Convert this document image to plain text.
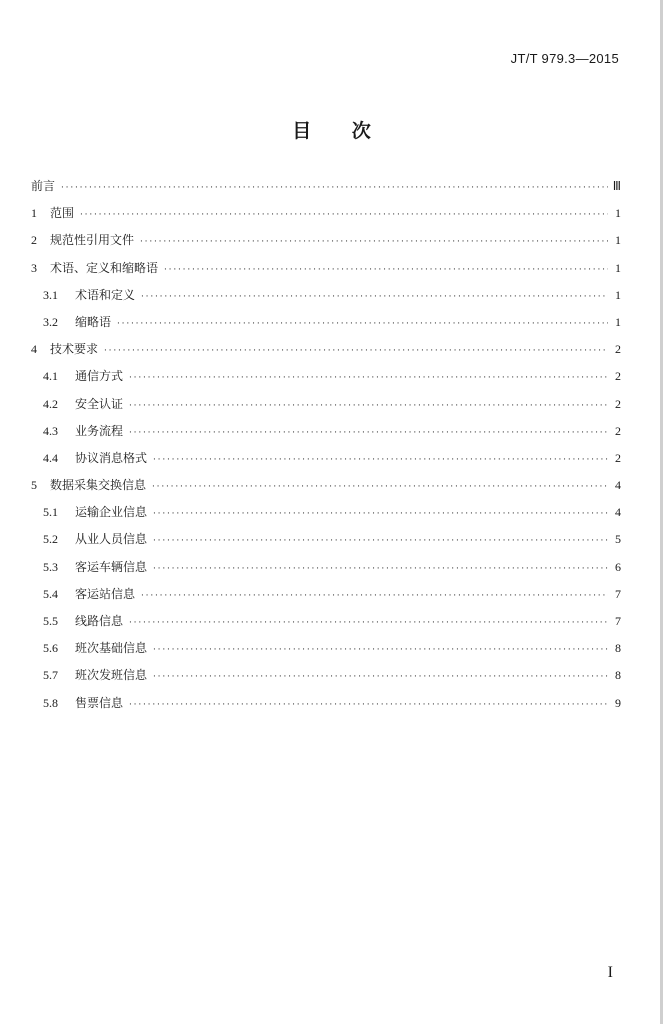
JT/T 979.3—2015
目 次
前言 ·····	Ⅲ
1	范围 ·····	1
2	规范性引用文件 ·····	1
3	术语、定义和缩略语 ·····	1
3.1	术语和定义 ·····	1
3.2	缩略语 ·····	1
4	技术要求 ·····	2
4.1	通信方式 ·····	2
4.2	安全认证 ·····	2
4.3	业务流程 ·····	2
4.4	协议消息格式 ·····	2
5	数据采集交换信息 ·····	4
5.1	运输企业信息 ·····	4
5.2	从业人员信息 ·····	5
5.3	客运车辆信息 ·····	6
5.4	客运站信息 ·····	7
5.5	线路信息 ·····	7
5.6	班次基础信息 ·····	8
5.7	班次发班信息 ·····	8
5.8	售票信息 ·····	9
I
